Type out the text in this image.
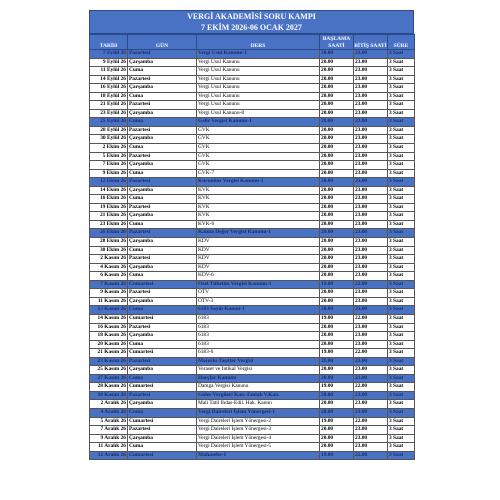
VERGİ AKADEMİSİ SORU KAMPI
7 EKİM 2026-06 OCAK 2027
TARİH	GÜN	DERS	BAŞLAMA SAATİ	BİTİŞ SAATİ	SÜRE
7 Eylül 26	Pazartesi	Vergi Usul Kanunu-1	20.00	23.00	3 Saat
9 Eylül 26	Çarşamba	Vergi Usul Kanunu	20.00	23.00	3 Saat
11 Eylül 26	Cuma	Vergi Usul Kanunu	20.00	23.00	3 Saat
14 Eylül 26	Pazartesi	Vergi Usul Kanunu	20.00	23.00	3 Saat
16 Eylül 26	Çarşamba	Vergi Usul Kanunu	20.00	23.00	3 Saat
18 Eylül 26	Cuma	Vergi Usul Kanunu	20.00	23.00	3 Saat
21 Eylül 26	Pazartesi	Vergi Usul Kanunu	20.00	23.00	3 Saat
23 Eylül 26	Çarşamba	Vergi Usul Kanunu-8	20.00	23.00	3 Saat
25 Eylül 26	Cuma	Gelir Vergisi Kanunu-1	20.00	23.00	3 Saat
28 Eylül 26	Pazartesi	GVK	20.00	23.00	3 Saat
30 Eylül 26	Çarşamba	GVK	20.00	23.00	3 Saat
2 Ekim 26	Cuma	GVK	20.00	23.00	3 Saat
5 Ekim 26	Pazartesi	GVK	20.00	23.00	3 Saat
7 Ekim 26	Çarşamba	GVK	20.00	23.00	3 Saat
9 Ekim 26	Cuma	GVK-7	20.00	23.00	3 Saat
12 Ekim 26	Pazartesi	Kurumlar Vergisi Kanunu-1	20.00	23.00	3 Saat
14 Ekim 26	Çarşamba	KVK	20.00	23.00	3 Saat
16 Ekim 26	Cuma	KVK	20.00	23.00	3 Saat
19 Ekim 26	Pazartesi	KVK	20.00	23.00	3 Saat
21 Ekim 26	Çarşamba	KVK	20.00	23.00	3 Saat
23 Ekim 26	Cuma	KVK-6	20.00	23.00	3 Saat
26 Ekim 26	Pazartesi	Katma Değer Vergisi Kanunu-1	20.00	23.00	3 Saat
28 Ekim 26	Çarşamba	KDV	20.00	23.00	3 Saat
30 Ekim 26	Cuma	KDV	20.00	23.00	3 Saat
2 Kasım 26	Pazartesi	KDV	20.00	23.00	3 Saat
4 Kasım 26	Çarşamba	KDV	20.00	23.00	3 Saat
6 Kasım 26	Cuma	KDV-6	20.00	23.00	3 Saat
7 Kasım 26	Cumartesi	Özel Tüketim Vergisi Kanunu-1	19.00	22.00	3 Saat
9 Kasım 26	Pazartesi	ÖTV	20.00	23.00	3 Saat
11 Kasım 26	Çarşamba	ÖTV-3	20.00	23.00	3 Saat
13 Kasım 26	Cuma	6183 Sayılı Kanun-1	20.00	23.00	3 Saat
14 Kasım 26	Cumartesi	6183	19.00	22.00	3 Saat
16 Kasım 26	Pazartesi	6183	20.00	23.00	3 Saat
18 Kasım 26	Çarşamba	6183	20.00	23.00	3 Saat
20 Kasım 26	Cuma	6183	20.00	23.00	3 Saat
21 Kasım 26	Cumartesi	6183-6	19.00	22.00	3 Saat
23 Kasım 26	Pazartesi	Motorlu Taşıtlar Vergisi	20.00	23.00	3 Saat
25 Kasım 26	Çarşamba	Veraset ve İntikal Vergisi	20.00	23.00	3 Saat
27 Kasım 26	Cuma	Harçlar Kanunu	20.00	23.00	3 Saat
28 Kasım 26	Cumartesi	Damga Vergisi Kanunu	19.00	22.00	3 Saat
30 Kasım 26	Pazartesi	Gider Vergileri Kan.-Emlak V.Kan.	20.00	23.00	3 Saat
2 Aralık 26	Çarşamba	Mali Tatil İhdas-Edil. Hak. Kanun	20.00	23.00	3 Saat
4 Aralık 26	Cuma	Vergi Daireleri İşlem Yönergesi-1	20.00	23.00	3 Saat
5 Aralık 26	Cumartesi	Vergi Daireleri İşlem Yönergesi-2	19.00	22.00	3 Saat
7 Aralık 26	Pazartesi	Vergi Daireleri İşlem Yönergesi-3	20.00	23.00	3 Saat
9 Aralık 26	Çarşamba	Vergi Daireleri İşlem Yönergesi-4	20.00	23.00	3 Saat
11 Aralık 26	Cuma	Vergi Daireleri İşlem Yönergesi-5	20.00	23.00	3 Saat
12 Aralık 26	Cumartesi	Muhasebe-1	19.00	22.00	3 Saat
